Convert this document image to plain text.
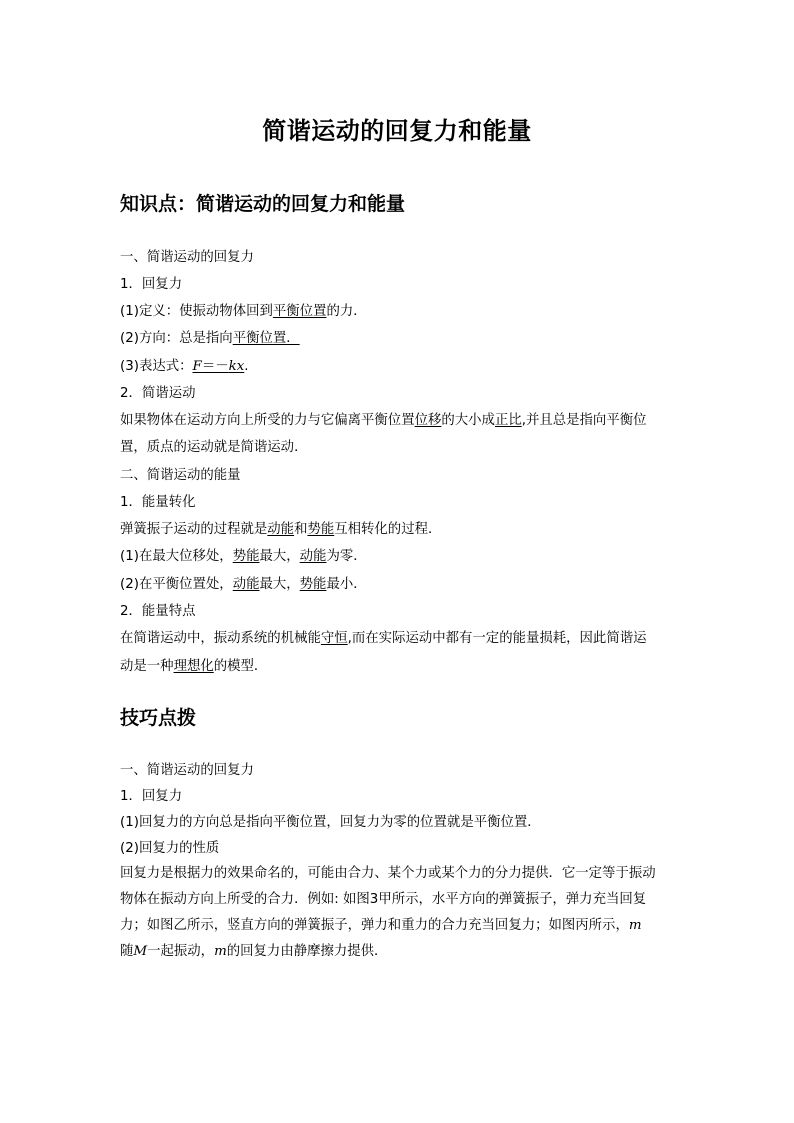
简谐运动的回复力和能量
知识点：简谐运动的回复力和能量
一、简谐运动的回复力
1．回复力
(1)定义：使振动物体回到平衡位置的力．
(2)方向：总是指向平衡位置．
(3)表达式：F＝－kx.
2．简谐运动
如果物体在运动方向上所受的力与它偏离平衡位置位移的大小成正比,并且总是指向平衡位
置，质点的运动就是简谐运动．
二、简谐运动的能量
1．能量转化
弹簧振子运动的过程就是动能和势能互相转化的过程．
(1)在最大位移处，势能最大，动能为零．
(2)在平衡位置处，动能最大，势能最小．
2．能量特点
在简谐运动中，振动系统的机械能守恒,而在实际运动中都有一定的能量损耗，因此简谐运
动是一种理想化的模型．
技巧点拨
一、简谐运动的回复力
1．回复力
(1)回复力的方向总是指向平衡位置，回复力为零的位置就是平衡位置．
(2)回复力的性质
回复力是根据力的效果命名的，可能由合力、某个力或某个力的分力提供．它一定等于振动
物体在振动方向上所受的合力．例如: 如图3甲所示，水平方向的弹簧振子，弹力充当回复
力；如图乙所示，竖直方向的弹簧振子，弹力和重力的合力充当回复力；如图丙所示，m
随M一起振动，m的回复力由静摩擦力提供．
